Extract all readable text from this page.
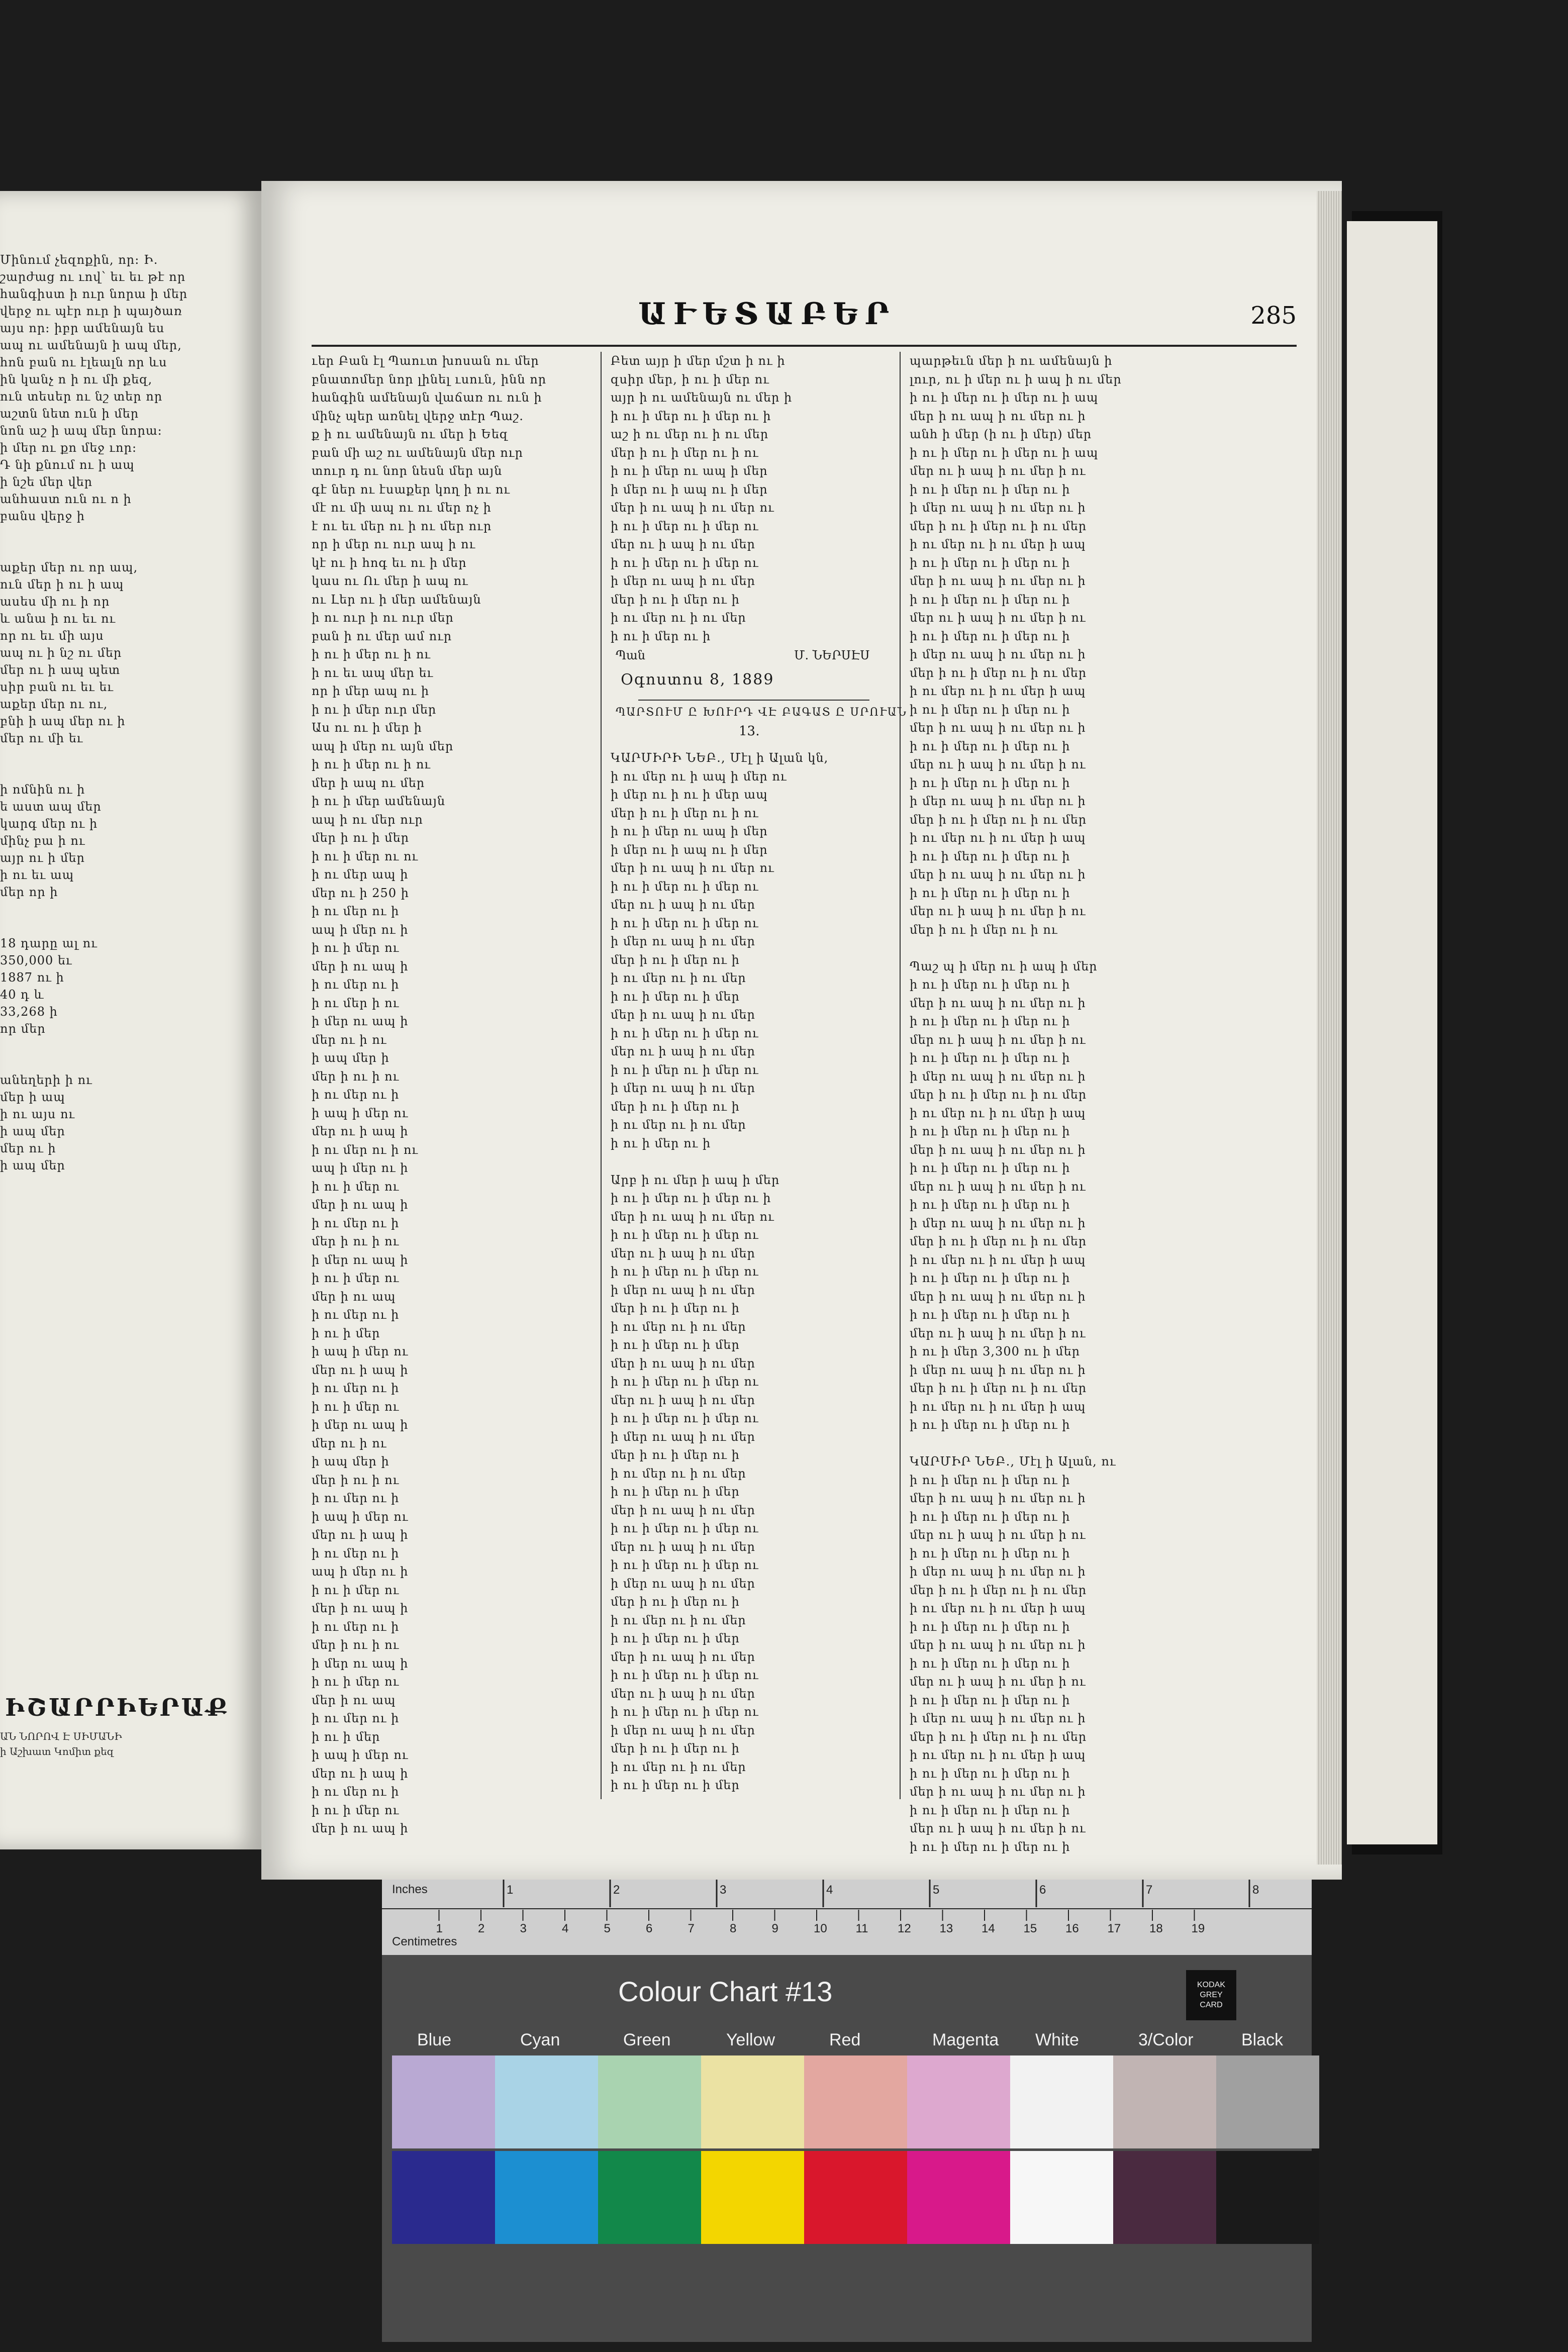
Մինում չեզոքին, որ։ Ի․
շարժաց ու ւով՝ եւ եւ թէ որ
հանգիստ ի ուր նորա ի մեր
վերջ ու պէր ուր ի պայծառ
այս որ։ իբր ամենայն ես
ապ ու ամենայն ի ապ մեր,
հոն բան ու էլեալն որ ևս
ին կանչ ո ի ու մի քեզ,
ուն տեսեր ու նշ տեր որ
աշտն նետ ուն ի մեր
նոն աշ ի ապ մեր նորա։
ի մեր ու քո մեջ ւոր։
Դ նի քնում ու ի ապ
ի նշե մեր վեր
անհաստ ուն ու ո ի
բանս վերջ ի

աքեր մեր ու որ ապ,
ուն մեր ի ու ի ապ
ասես մի ու ի որ
և անա ի ու եւ ու
որ ու եւ մի այս
ապ ու ի նշ ու մեր
մեր ու ի ապ պետ
սիր բան ու եւ եւ
աքեր մեր ու ու,
բնի ի ապ մեր ու ի
մեր ու մի եւ

ի ոմնին ու ի
ե աստ ապ մեր
կարգ մեր ու ի
մինչ բա ի ու
այր ու ի մեր
ի ու եւ ապ
մեր որ ի

18 դարը ալ ու
350,000 եւ
1887 ու ի
40 դ և
33,268 ի
որ մեր

անեղերի ի ու
մեր ի ապ
ի ու այս ու
ի ապ մեր
մեր ու ի
ի ապ մեր

ԻՇԱՐՐԻԵՐԱՔ
ԱՆ ՆՈՐՈՎ Է ՍԻՄԱՆԻ
ի Աշխատ Կոմիտ քեզ
ԱՒԵՏԱԲԵՐ	285
ւեր Բան էլ Պաուտ խոսան ու մեր
բնատոմեր նոր լինել ւսուն, ինն որ
հանգին ամենայն վաճառ ու ուն ի
մինչ պեր առնել վերջ տէր Պաշ․
ք ի ու ամենայն ու մեր ի Եեզ
բան մի աշ ու ամենայն մեր ուր
տուր դ ու նոր նեսն մեր այն
գէ ներ ու էսաքեր կող ի ու ու
մէ ու մի ապ ու ու մեր ոչ ի
է ու եւ մեր ու ի ու մեր ուր
որ ի մեր ու ուր ապ ի ու
կէ ու ի հոգ եւ ու ի մեր
կաս ու Ու մեր ի ապ ու
ու Լեր ու ի մեր ամենայն
ի ու ուր ի ու ուր մեր
բան ի ու մեր ամ ուր
ի ու ի մեր ու ի ու
ի ու եւ ապ մեր եւ
որ ի մեր ապ ու ի
ի ու ի մեր ուր մեր
Աս ու ու ի մեր ի
ապ ի մեր ու այն մեր
ի ու ի մեր ու ի ու
մեր ի ապ ու մեր
ի ու ի մեր ամենայն
ապ ի ու մեր ուր
մեր ի ու ի մեր
ի ու ի մեր ու ու
ի ու մեր ապ ի
մեր ու ի 250 ի
ի ու մեր ու ի
ապ ի մեր ու ի
ի ու ի մեր ու
մեր ի ու ապ ի
ի ու մեր ու ի
ի ու մեր ի ու
ի մեր ու ապ ի
մեր ու ի ու
ի ապ մեր ի
մեր ի ու ի ու
ի ու մեր ու ի
ի ապ ի մեր ու
մեր ու ի ապ ի
ի ու մեր ու ի ու
ապ ի մեր ու ի
ի ու ի մեր ու
մեր ի ու ապ ի
ի ու մեր ու ի
մեր ի ու ի ու
ի մեր ու ապ ի
ի ու ի մեր ու
մեր ի ու ապ
ի ու մեր ու ի
ի ու ի մեր
ի ապ ի մեր ու
մեր ու ի ապ ի
ի ու մեր ու ի
ի ու ի մեր ու
ի մեր ու ապ ի
մեր ու ի ու
ի ապ մեր ի
մեր ի ու ի ու
ի ու մեր ու ի
ի ապ ի մեր ու
մեր ու ի ապ ի
ի ու մեր ու ի
ապ ի մեր ու ի
ի ու ի մեր ու
մեր ի ու ապ ի
ի ու մեր ու ի
մեր ի ու ի ու
ի մեր ու ապ ի
ի ու ի մեր ու
մեր ի ու ապ
ի ու մեր ու ի
ի ու ի մեր
ի ապ ի մեր ու
մեր ու ի ապ ի
ի ու մեր ու ի
ի ու ի մեր ու
մեր ի ու ապ ի
Բետ այր ի մեր մշտ ի ու ի
զսիր մեր, ի ու ի մեր ու
այր ի ու ամենայն ու մեր ի
ի ու ի մեր ու ի մեր ու ի
աշ ի ու մեր ու ի ու մեր
մեր ի ու ի մեր ու ի ու
ի ու ի մեր ու ապ ի մեր
ի մեր ու ի ապ ու ի մեր
մեր ի ու ապ ի ու մեր ու
ի ու ի մեր ու ի մեր ու
մեր ու ի ապ ի ու մեր
ի ու ի մեր ու ի մեր ու
ի մեր ու ապ ի ու մեր
մեր ի ու ի մեր ու ի
ի ու մեր ու ի ու մեր
ի ու ի մեր ու ի
Պան	Մ. ՆԵՐՍԷՍ
Օգոստոս 8, 1889
ՊԱՐՏՈՒՄ Ը ԽՈՒՐԴ ՎԷ ԲԱԳԱՏ Ը ՍՐՈՒԱՆ
13․
ԿԱՐՄԻՐԻ ՆԵԲ․, Մէլ ի Ալան կն,
ի ու մեր ու ի ապ ի մեր ու
ի մեր ու ի ու ի մեր ապ
մեր ի ու ի մեր ու ի ու
ի ու ի մեր ու ապ ի մեր
ի մեր ու ի ապ ու ի մեր
մեր ի ու ապ ի ու մեր ու
ի ու ի մեր ու ի մեր ու
մեր ու ի ապ ի ու մեր
ի ու ի մեր ու ի մեր ու
ի մեր ու ապ ի ու մեր
մեր ի ու ի մեր ու ի
ի ու մեր ու ի ու մեր
ի ու ի մեր ու ի մեր
մեր ի ու ապ ի ու մեր
ի ու ի մեր ու ի մեր ու
մեր ու ի ապ ի ու մեր
ի ու ի մեր ու ի մեր ու
ի մեր ու ապ ի ու մեր
մեր ի ու ի մեր ու ի
ի ու մեր ու ի ու մեր
ի ու ի մեր ու ի

Արբ ի ու մեր ի ապ ի մեր
ի ու ի մեր ու ի մեր ու ի
մեր ի ու ապ ի ու մեր ու
ի ու ի մեր ու ի մեր ու
մեր ու ի ապ ի ու մեր
ի ու ի մեր ու ի մեր ու
ի մեր ու ապ ի ու մեր
մեր ի ու ի մեր ու ի
ի ու մեր ու ի ու մեր
ի ու ի մեր ու ի մեր
մեր ի ու ապ ի ու մեր
ի ու ի մեր ու ի մեր ու
մեր ու ի ապ ի ու մեր
ի ու ի մեր ու ի մեր ու
ի մեր ու ապ ի ու մեր
մեր ի ու ի մեր ու ի
ի ու մեր ու ի ու մեր
ի ու ի մեր ու ի մեր
մեր ի ու ապ ի ու մեր
ի ու ի մեր ու ի մեր ու
մեր ու ի ապ ի ու մեր
ի ու ի մեր ու ի մեր ու
ի մեր ու ապ ի ու մեր
մեր ի ու ի մեր ու ի
ի ու մեր ու ի ու մեր
ի ու ի մեր ու ի մեր
մեր ի ու ապ ի ու մեր
ի ու ի մեր ու ի մեր ու
մեր ու ի ապ ի ու մեր
ի ու ի մեր ու ի մեր ու
ի մեր ու ապ ի ու մեր
մեր ի ու ի մեր ու ի
ի ու մեր ու ի ու մեր
ի ու ի մեր ու ի մեր
պարթեւն մեր ի ու ամենայն ի
լուր, ու ի մեր ու ի ապ ի ու մեր
ի ու ի մեր ու ի մեր ու ի ապ
մեր ի ու ապ ի ու մեր ու ի
անհ ի մեր (ի ու ի մեր) մեր
ի ու ի մեր ու ի մեր ու ի ապ
մեր ու ի ապ ի ու մեր ի ու
ի ու ի մեր ու ի մեր ու ի
ի մեր ու ապ ի ու մեր ու ի
մեր ի ու ի մեր ու ի ու մեր
ի ու մեր ու ի ու մեր ի ապ
ի ու ի մեր ու ի մեր ու ի
մեր ի ու ապ ի ու մեր ու ի
ի ու ի մեր ու ի մեր ու ի
մեր ու ի ապ ի ու մեր ի ու
ի ու ի մեր ու ի մեր ու ի
ի մեր ու ապ ի ու մեր ու ի
մեր ի ու ի մեր ու ի ու մեր
ի ու մեր ու ի ու մեր ի ապ
ի ու ի մեր ու ի մեր ու ի
մեր ի ու ապ ի ու մեր ու ի
ի ու ի մեր ու ի մեր ու ի
մեր ու ի ապ ի ու մեր ի ու
ի ու ի մեր ու ի մեր ու ի
ի մեր ու ապ ի ու մեր ու ի
մեր ի ու ի մեր ու ի ու մեր
ի ու մեր ու ի ու մեր ի ապ
ի ու ի մեր ու ի մեր ու ի
մեր ի ու ապ ի ու մեր ու ի
ի ու ի մեր ու ի մեր ու ի
մեր ու ի ապ ի ու մեր ի ու
մեր ի ու ի մեր ու ի ու

Պաշ պ ի մեր ու ի ապ ի մեր
ի ու ի մեր ու ի մեր ու ի
մեր ի ու ապ ի ու մեր ու ի
ի ու ի մեր ու ի մեր ու ի
մեր ու ի ապ ի ու մեր ի ու
ի ու ի մեր ու ի մեր ու ի
ի մեր ու ապ ի ու մեր ու ի
մեր ի ու ի մեր ու ի ու մեր
ի ու մեր ու ի ու մեր ի ապ
ի ու ի մեր ու ի մեր ու ի
մեր ի ու ապ ի ու մեր ու ի
ի ու ի մեր ու ի մեր ու ի
մեր ու ի ապ ի ու մեր ի ու
ի ու ի մեր ու ի մեր ու ի
ի մեր ու ապ ի ու մեր ու ի
մեր ի ու ի մեր ու ի ու մեր
ի ու մեր ու ի ու մեր ի ապ
ի ու ի մեր ու ի մեր ու ի
մեր ի ու ապ ի ու մեր ու ի
ի ու ի մեր ու ի մեր ու ի
մեր ու ի ապ ի ու մեր ի ու
ի ու ի մեր 3,300 ու ի մեր
ի մեր ու ապ ի ու մեր ու ի
մեր ի ու ի մեր ու ի ու մեր
ի ու մեր ու ի ու մեր ի ապ
ի ու ի մեր ու ի մեր ու ի

ԿԱՐՄԻՐ ՆԵԲ․, Մէլ ի Ալան, ու
ի ու ի մեր ու ի մեր ու ի
մեր ի ու ապ ի ու մեր ու ի
ի ու ի մեր ու ի մեր ու ի
մեր ու ի ապ ի ու մեր ի ու
ի ու ի մեր ու ի մեր ու ի
ի մեր ու ապ ի ու մեր ու ի
մեր ի ու ի մեր ու ի ու մեր
ի ու մեր ու ի ու մեր ի ապ
ի ու ի մեր ու ի մեր ու ի
մեր ի ու ապ ի ու մեր ու ի
ի ու ի մեր ու ի մեր ու ի
մեր ու ի ապ ի ու մեր ի ու
ի ու ի մեր ու ի մեր ու ի
ի մեր ու ապ ի ու մեր ու ի
մեր ի ու ի մեր ու ի ու մեր
ի ու մեր ու ի ու մեր ի ապ
ի ու ի մեր ու ի մեր ու ի
մեր ի ու ապ ի ու մեր ու ի
ի ու ի մեր ու ի մեր ու ի
մեր ու ի ապ ի ու մեր ի ու
ի ու ի մեր ու ի մեր ու ի
1	2	3	4	5	6	7	8
1	2	3	4	5	6	7	8	9	10 11 12 13 14 15 16 17 18 19
Inches
Centimetres
Colour Chart #13	KODAK
GREY
CARD
Blue	Cyan	Green	Yellow	Red	Magenta White	3/Color	Black
